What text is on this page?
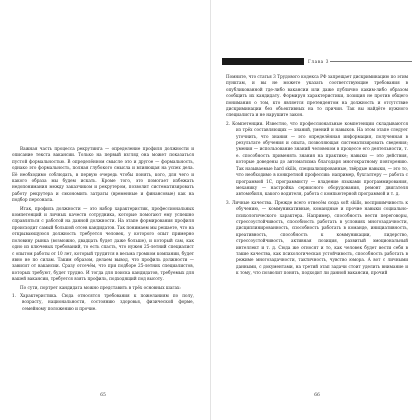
Важная часть процесса рекрутинга — определение профиля должности и описание текста вакансии. Только на первый взгляд она может показаться пустой формальностью. В определённом смысле это и другое — формальность, однако это формальность, полная глубокого смысла и влияющая на успех дела. Её необходимо соблюдать, в первую очередь чтобы понять, кого, для чего и какого образа мы будем искать. Кроме того, это помогает избежать недопонимания между заказчиком и рекрутером, позволит систематизировать работу рекрутера и сэкономить затраты (временные и финансовые) как на подбор персонала.

Итак, профиль должности — это набор характеристик, профессиональных компетенций и личных качеств сотрудника, которые помогают ему успешно справляться с работой на данной должности. На этапе формирования профиля происходит самый большой отсев кандидатов. Так понимаем мы решаете, что на открывающуюся должность требуется человек, у которого опыт примерно половину рынка (возможно, двадцать будет даже больше), и который сам, как одно из ключевых требований, то есть спасть, что нужен 25-летний специалист с опытом работы от 10 лет, который трудится в весьма громком компании, будет явно не по силам. Таким образом, делаем вывод, что профиль должности — зависит от вакансии. Сразу отсечём, что при подборе 25-летних специалистов, которых требуют, будет трудно. И тогда для поиска кандидатов, требуемых для вашей вакансии, требуется взять профиль, подходящий под высоту.

По сути, портрет кандидата можно представить в трёх основных шагах:

1. Характеристика. Сюда относятся требования к пожеланиям по полу, возрасту, национальности, состоянию здоровья, физической форме, семейному положению и прочие.

65
Глава 3

Помните, что статья 3 Трудового кодекса РФ запрещает дискриминацию по этим пунктам, и вы не можете указать соответствующие требования в опубликованной где-либо вакансии или даже публично каким-либо образом сообщить их кандидату. Формируя характеристики, позиция не против общего понимания о том, кто является претендентом на должность и отсутствие дискриминации без объективных на то причин. Так вы найдёте нужного специалиста и не нарушите закон.

2. Компетенции. Известно, что профессиональные компетенции складываются из трёх составляющих — знаний, умений и навыков. На этом этапе следует уточнить, что знания — это определённая информация, полученная в результате обучения и опыта, позволяющая систематизировать сведения; умения — использование знаний человеком в процессе его деятельности, т. е. способность применять знания на практике; навыки — это действия, которые доведены до автоматизма благодаря многократному повторению. Так называемые hard skills, специализированные, твёрдые навыки, — это то, что необходимо в конкретной профессии: например, бухгалтеру — работа с программой 1С, программисту — владение языками программирования, механику — настройка сервисного оборудования, ремонт двигателя автомобиля, какого водителя, работа с компьютерной программой и т. д.

3. Личные качества. Прежде всего отнесём сюда soft skills, восприимчивость к обучению, — коммуникативные, командные и прочие навыки социально-психологического характера. Например, способность вести переговоры, стрессоустойчивость, способность работать в условиях многозадачности, дисциплинированность, способность работать в команде, инициативность, креативность, способность к коммуникации, лидерство, стрессоустойчивость, активная позиция, развитый эмоциональный интеллект и т. д. Сюда же относят и то, как человек будет вести себя в такие качества, как психологическая устойчивость, способность работать в режиме многозадачности, тактичность, чувство юмора. А вот с личными данными, с документами, на третий этап задачи стоит уделить внимание и к тому, что позволит понять, подходит ли данной вакансии, прочий

66
